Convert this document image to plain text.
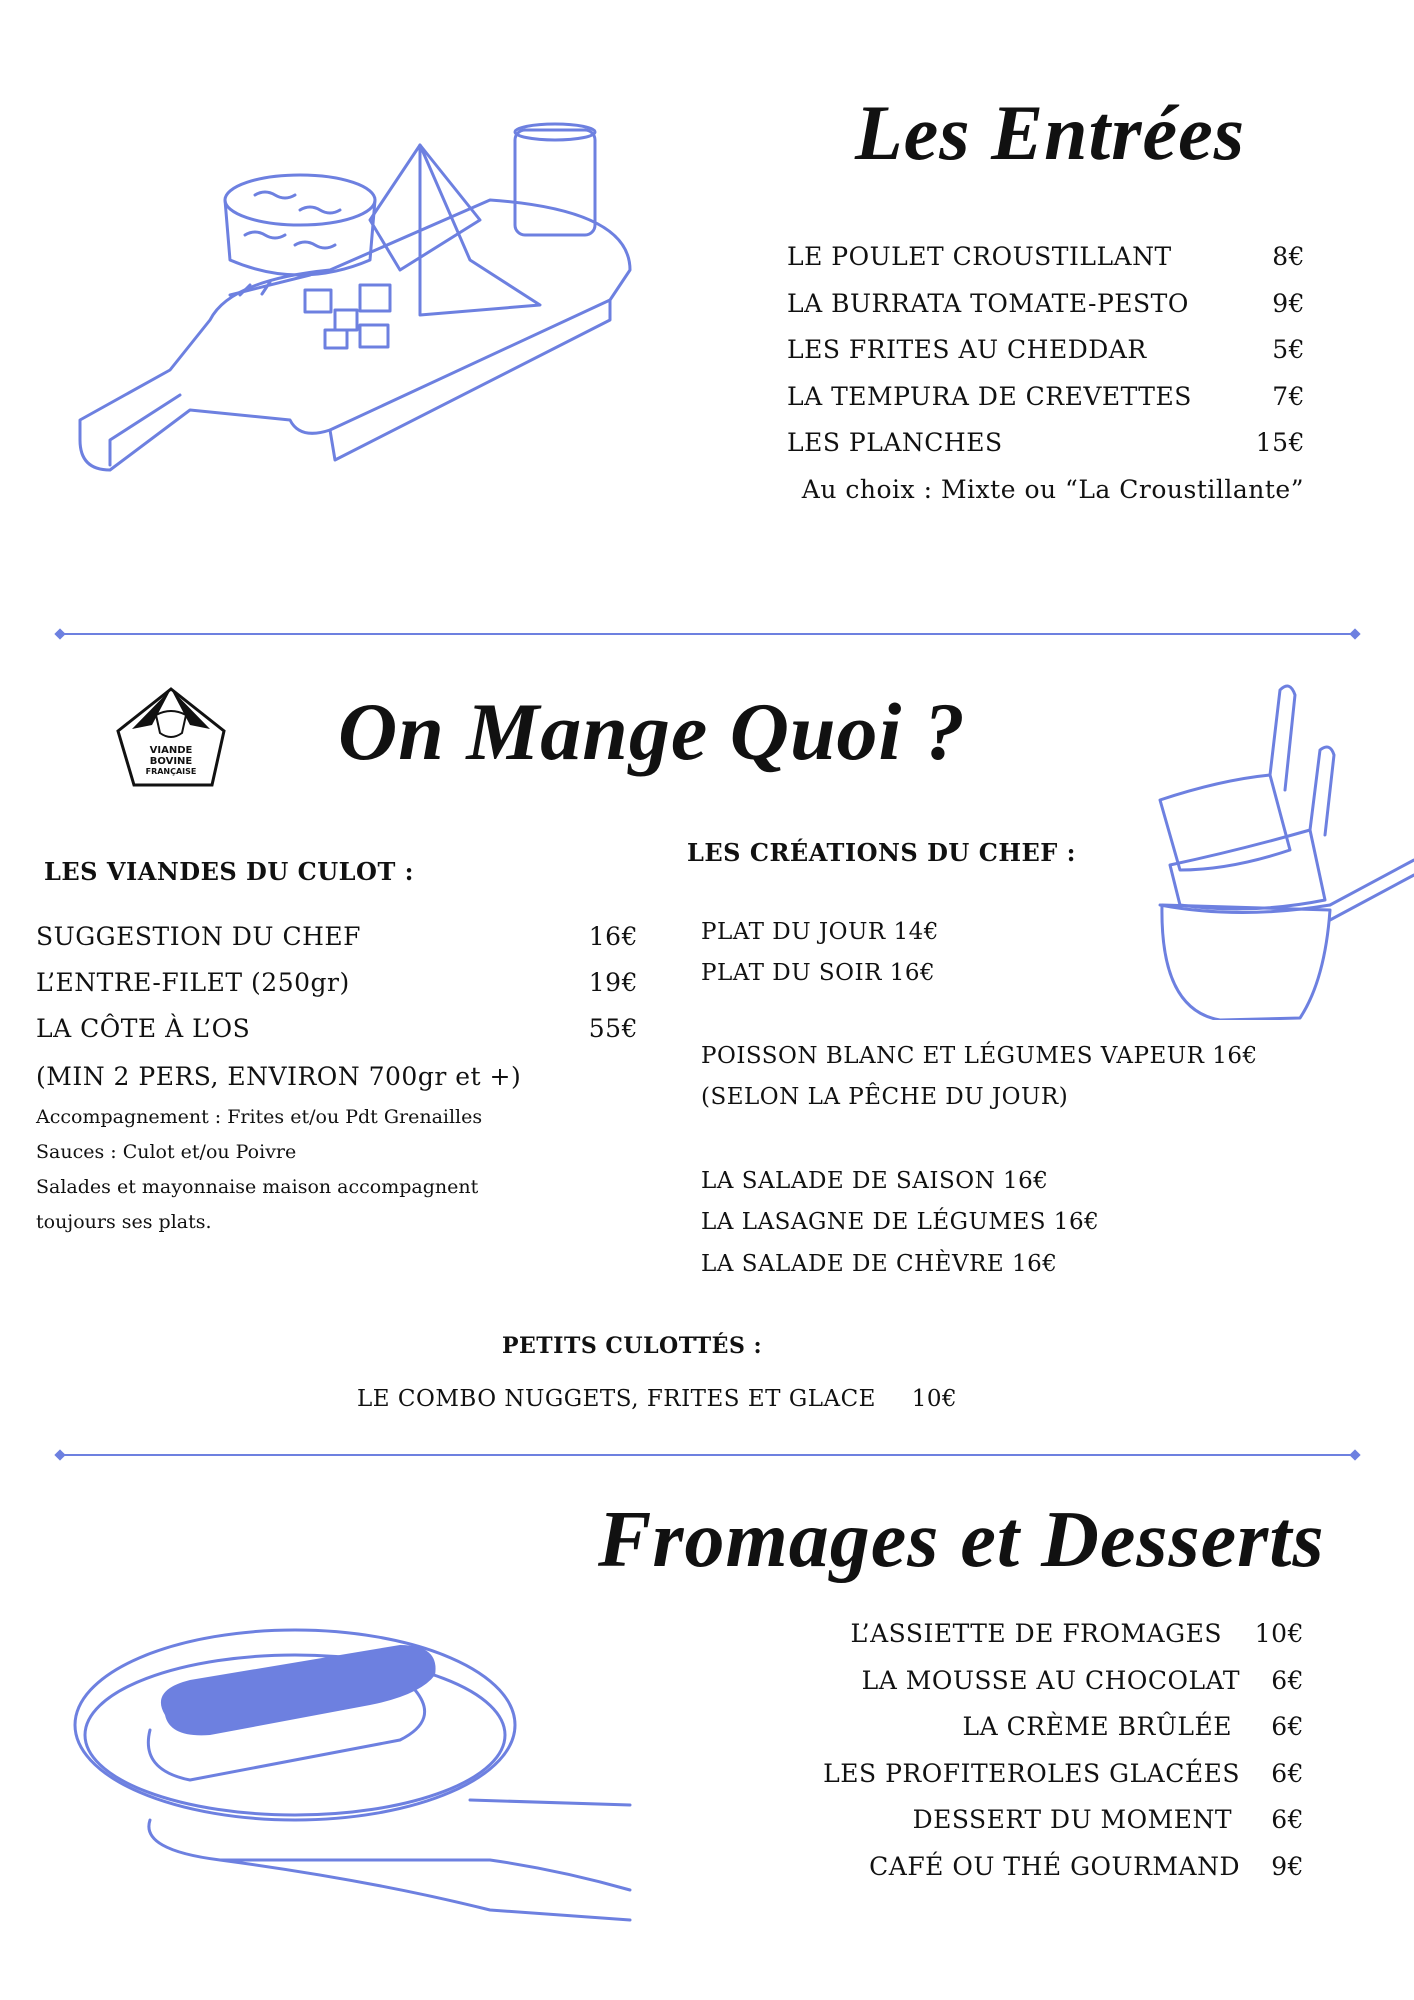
Les Entrées
LE POULET CROUSTILLANT	8€
LA BURRATA TOMATE-PESTO	9€
LES FRITES AU CHEDDAR	5€
LA TEMPURA DE CREVETTES	7€
LES PLANCHES	15€
Au choix : Mixte ou “La Croustillante”
VIANDE
BOVINE
FRANÇAISE On Mange Quoi ?
LES VIANDES DU CULOT :
SUGGESTION DU CHEF	16€
L’ENTRE-FILET (250gr)	19€
LA CÔTE À L’OS	55€
(MIN 2 PERS, ENVIRON 700gr et +)
Accompagnement : Frites et/ou Pdt Grenailles
Sauces : Culot et/ou Poivre
Salades et mayonnaise maison accompagnent
toujours ses plats.
LES CRÉATIONS DU CHEF :
PLAT DU JOUR 14€
PLAT DU SOIR 16€
POISSON BLANC ET LÉGUMES VAPEUR 16€
(SELON LA PÊCHE DU JOUR)
LA SALADE DE SAISON 16€
LA LASAGNE DE LÉGUMES 16€
LA SALADE DE CHÈVRE 16€
PETITS CULOTTÉS :
LE COMBO NUGGETS, FRITES ET GLACE 10€
Fromages et Desserts
L’ASSIETTE DE FROMAGES 10€
LA MOUSSE AU CHOCOLAT 6€
LA CRÈME BRÛLÉE 6€
LES PROFITEROLES GLACÉES 6€
DESSERT DU MOMENT 6€
CAFÉ OU THÉ GOURMAND 9€
